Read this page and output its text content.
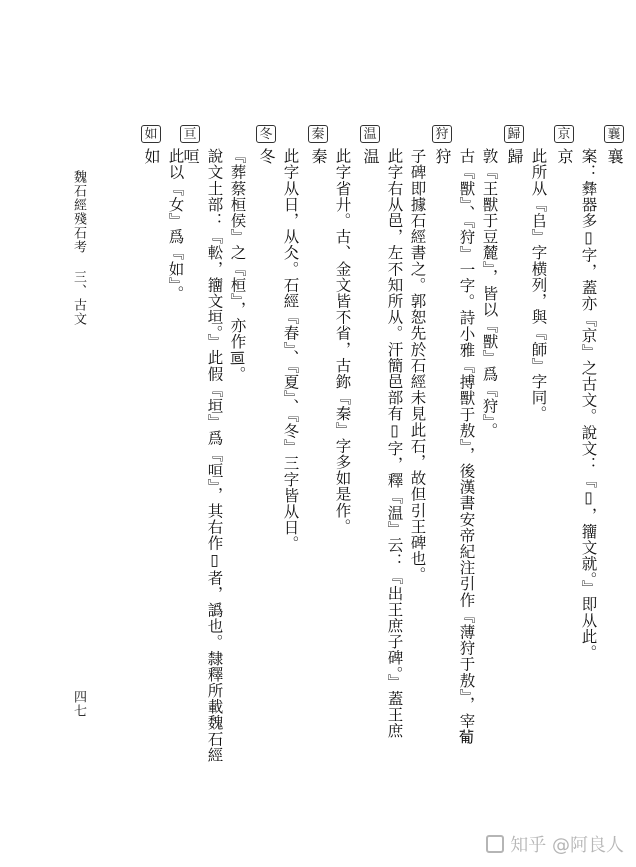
魏石經殘石考
三、古文
四七
如
如 此以『女』爲『如』。
亘
咺 說文土部：『䡆，籒文垣。』此假『垣』爲『咺』，其右作▯者，譌也。隸釋所載魏石經 『葬蔡桓侯』之『桓』，亦作𠄢。
冬
冬 此字从日，从仌。石經『春』、『夏』、『冬』三字皆从日。
秦
秦 此字省廾。古、金文皆不省，古鉨『秦』字多如是作。
温
温 此字右从邑，左不知所从。汗簡邑部有▯字，釋『温』云：『出王庶子碑。』蓋王庶 子碑即據石經書之。郭恕先於石經未見此石，故但引王碑也。
狩
狩 古『獸』、『狩』一字。詩小雅『搏獸于敖』，後漢書安帝紀注引作『薄狩于敖』，宰𤰈 敦『王獸于豆麓』，皆以『獸』爲『狩』。
歸
歸 此所从『𠂤』字横列，與『師』字同。
京
京 案：彝器多▯字，蓋亦『京』之古文。說文：『▯，籒文就。』即从此。
襄
襄
知乎 @阿良人
